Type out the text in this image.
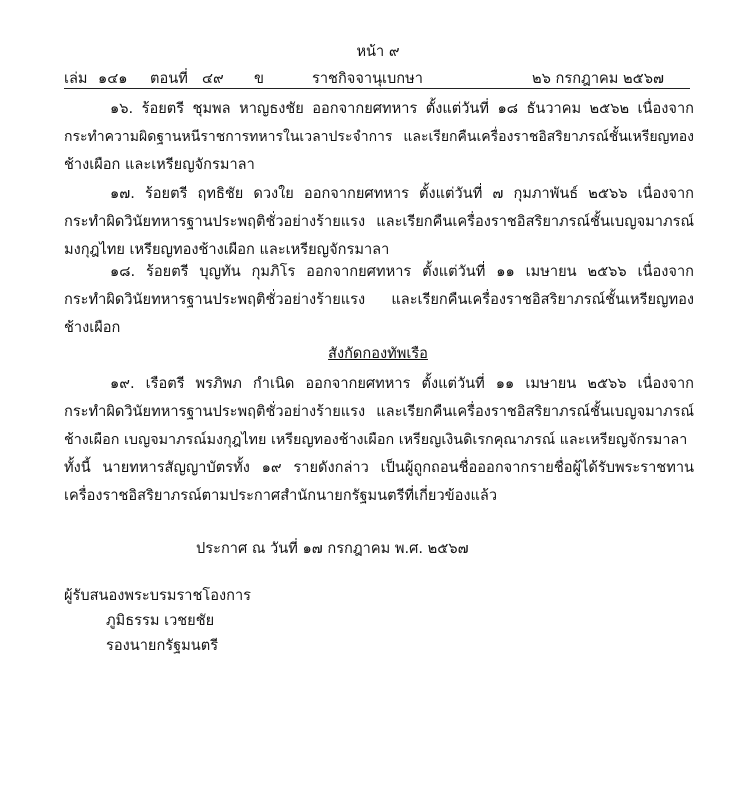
หน้า ๙
เล่ม ๑๔๑ ตอนที่ ๔๙ ข	ราชกิจจานุเบกษา	๒๖ กรกฎาคม ๒๕๖๗
๑๖. ร้อยตรี ชุมพล หาญธงชัย ออกจากยศทหาร ตั้งแต่วันที่ ๑๘ ธันวาคม ๒๕๖๒ เนื่องจาก
กระทำความผิดฐานหนีราชการทหารในเวลาประจำการ และเรียกคืนเครื่องราชอิสริยาภรณ์ชั้นเหรียญทอง
ช้างเผือก และเหรียญจักรมาลา
๑๗. ร้อยตรี ฤทธิชัย ดวงใย ออกจากยศทหาร ตั้งแต่วันที่ ๗ กุมภาพันธ์ ๒๕๖๖ เนื่องจาก
กระทำผิดวินัยทหารฐานประพฤติชั่วอย่างร้ายแรง และเรียกคืนเครื่องราชอิสริยาภรณ์ชั้นเบญจมาภรณ์
มงกุฎไทย เหรียญทองช้างเผือก และเหรียญจักรมาลา
๑๘. ร้อยตรี บุญทัน กุมภิโร ออกจากยศทหาร ตั้งแต่วันที่ ๑๑ เมษายน ๒๕๖๖ เนื่องจาก
กระทำผิดวินัยทหารฐานประพฤติชั่วอย่างร้ายแรง และเรียกคืนเครื่องราชอิสริยาภรณ์ชั้นเหรียญทอง
ช้างเผือก
สังกัดกองทัพเรือ
๑๙. เรือตรี พรภิพภ กำเนิด ออกจากยศทหาร ตั้งแต่วันที่ ๑๑ เมษายน ๒๕๖๖ เนื่องจาก
กระทำผิดวินัยทหารฐานประพฤติชั่วอย่างร้ายแรง และเรียกคืนเครื่องราชอิสริยาภรณ์ชั้นเบญจมาภรณ์
ช้างเผือก เบญจมาภรณ์มงกุฎไทย เหรียญทองช้างเผือก เหรียญเงินดิเรกคุณาภรณ์ และเหรียญจักรมาลา
ทั้งนี้ นายทหารสัญญาบัตรทั้ง ๑๙ รายดังกล่าว เป็นผู้ถูกถอนชื่อออกจากรายชื่อผู้ได้รับพระราชทาน
เครื่องราชอิสริยาภรณ์ตามประกาศสำนักนายกรัฐมนตรีที่เกี่ยวข้องแล้ว
ประกาศ ณ วันที่ ๑๗ กรกฎาคม พ.ศ. ๒๕๖๗
ผู้รับสนองพระบรมราชโองการ
ภูมิธรรม เวชยชัย
รองนายกรัฐมนตรี
